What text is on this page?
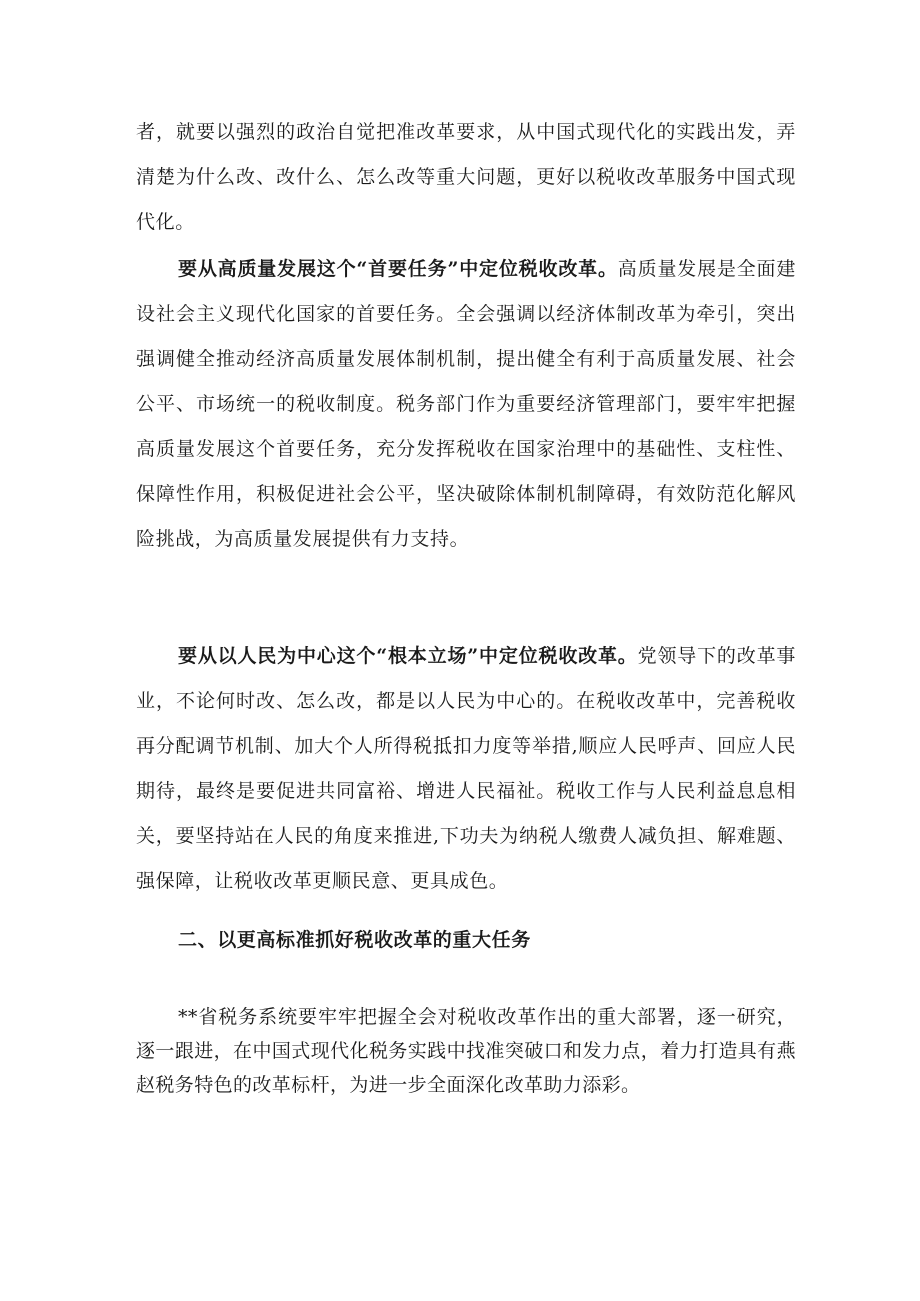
者，就要以强烈的政治自觉把准改革要求，从中国式现代化的实践出发，弄清楚为什么改、改什么、怎么改等重大问题，更好以税收改革服务中国式现代化。

要从高质量发展这个“首要任务”中定位税收改革。高质量发展是全面建设社会主义现代化国家的首要任务。全会强调以经济体制改革为牵引，突出强调健全推动经济高质量发展体制机制，提出健全有利于高质量发展、社会公平、市场统一的税收制度。税务部门作为重要经济管理部门，要牢牢把握高质量发展这个首要任务，充分发挥税收在国家治理中的基础性、支柱性、保障性作用，积极促进社会公平，坚决破除体制机制障碍，有效防范化解风险挑战，为高质量发展提供有力支持。

要从以人民为中心这个“根本立场”中定位税收改革。党领导下的改革事业，不论何时改、怎么改，都是以人民为中心的。在税收改革中，完善税收再分配调节机制、加大个人所得税抵扣力度等举措,顺应人民呼声、回应人民期待，最终是要促进共同富裕、增进人民福祉。税收工作与人民利益息息相关，要坚持站在人民的角度来推进,下功夫为纳税人缴费人减负担、解难题、强保障，让税收改革更顺民意、更具成色。

二、以更高标准抓好税收改革的重大任务

**省税务系统要牢牢把握全会对税收改革作出的重大部署，逐一研究，逐一跟进，在中国式现代化税务实践中找准突破口和发力点，着力打造具有燕赵税务特色的改革标杆，为进一步全面深化改革助力添彩。
